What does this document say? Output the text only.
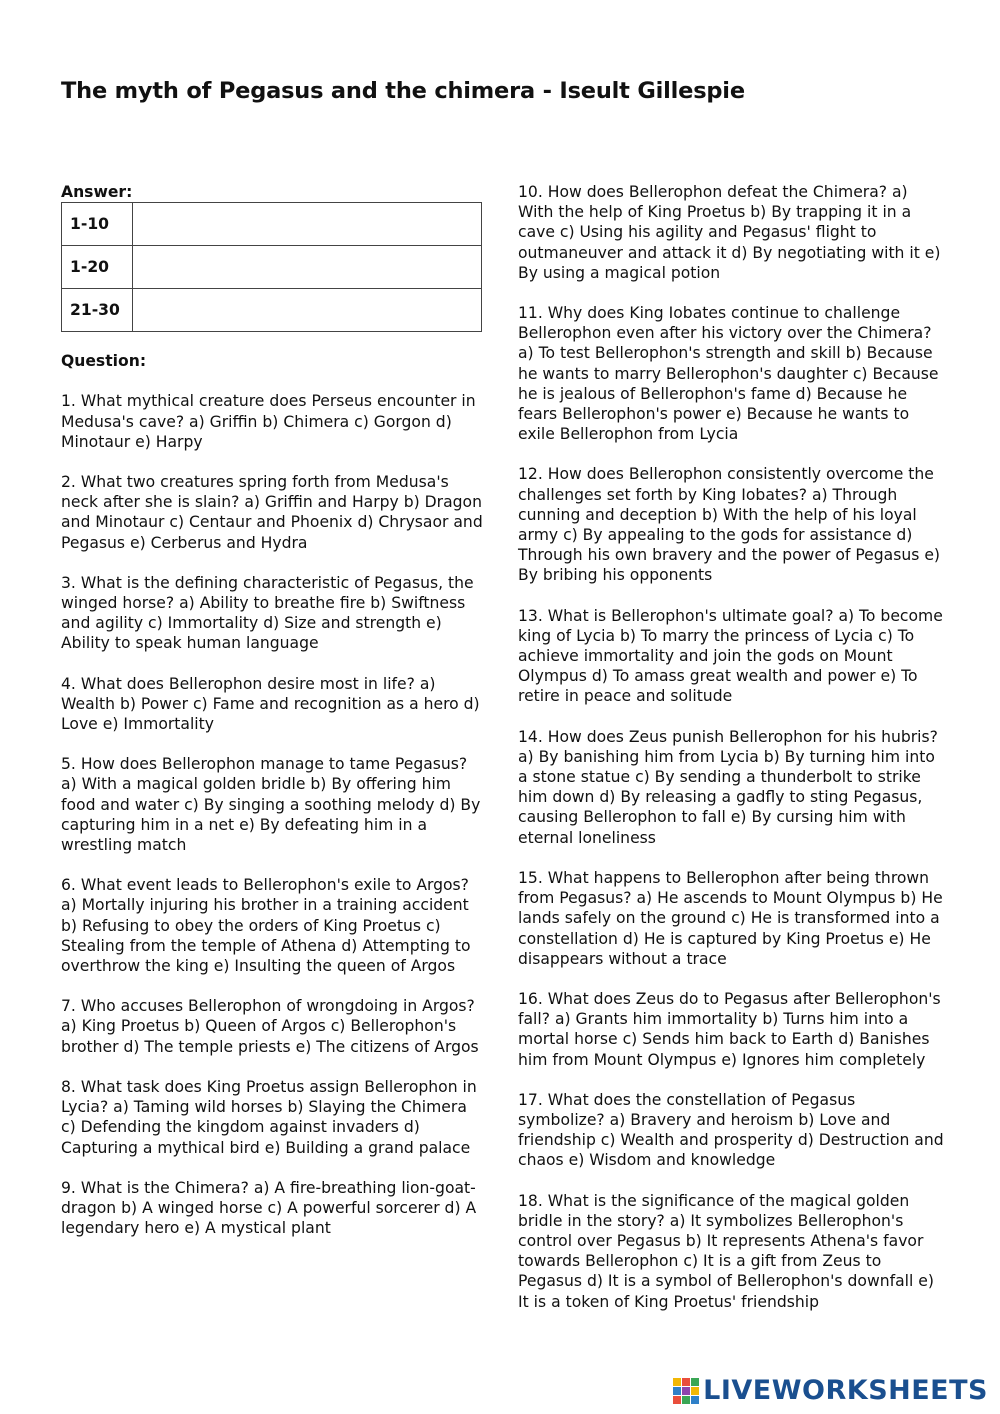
The myth of Pegasus and the chimera - Iseult Gillespie
Answer:
1-10	
1-20	
21-30	
Question:

1. What mythical creature does Perseus encounter in Medusa's cave? a) Griffin b) Chimera c) Gorgon d) Minotaur e) Harpy

2. What two creatures spring forth from Medusa's neck after she is slain? a) Griffin and Harpy b) Dragon and Minotaur c) Centaur and Phoenix d) Chrysaor and Pegasus e) Cerberus and Hydra

3. What is the defining characteristic of Pegasus, the winged horse? a) Ability to breathe fire b) Swiftness and agility c) Immortality d) Size and strength e) Ability to speak human language

4. What does Bellerophon desire most in life? a) Wealth b) Power c) Fame and recognition as a hero d) Love e) Immortality

5. How does Bellerophon manage to tame Pegasus? a) With a magical golden bridle b) By offering him food and water c) By singing a soothing melody d) By capturing him in a net e) By defeating him in a wrestling match

6. What event leads to Bellerophon's exile to Argos? a) Mortally injuring his brother in a training accident b) Refusing to obey the orders of King Proetus c) Stealing from the temple of Athena d) Attempting to overthrow the king e) Insulting the queen of Argos

7. Who accuses Bellerophon of wrongdoing in Argos? a) King Proetus b) Queen of Argos c) Bellerophon's brother d) The temple priests e) The citizens of Argos

8. What task does King Proetus assign Bellerophon in Lycia? a) Taming wild horses b) Slaying the Chimera c) Defending the kingdom against invaders d) Capturing a mythical bird e) Building a grand palace

9. What is the Chimera? a) A fire-breathing lion-goat-dragon b) A winged horse c) A powerful sorcerer d) A legendary hero e) A mystical plant

10. How does Bellerophon defeat the Chimera? a) With the help of King Proetus b) By trapping it in a cave c) Using his agility and Pegasus' flight to outmaneuver and attack it d) By negotiating with it e) By using a magical potion

11. Why does King Iobates continue to challenge Bellerophon even after his victory over the Chimera? a) To test Bellerophon's strength and skill b) Because he wants to marry Bellerophon's daughter c) Because he is jealous of Bellerophon's fame d) Because he fears Bellerophon's power e) Because he wants to exile Bellerophon from Lycia

12. How does Bellerophon consistently overcome the challenges set forth by King Iobates? a) Through cunning and deception b) With the help of his loyal army c) By appealing to the gods for assistance d) Through his own bravery and the power of Pegasus e) By bribing his opponents

13. What is Bellerophon's ultimate goal? a) To become king of Lycia b) To marry the princess of Lycia c) To achieve immortality and join the gods on Mount Olympus d) To amass great wealth and power e) To retire in peace and solitude

14. How does Zeus punish Bellerophon for his hubris? a) By banishing him from Lycia b) By turning him into a stone statue c) By sending a thunderbolt to strike him down d) By releasing a gadfly to sting Pegasus, causing Bellerophon to fall e) By cursing him with eternal loneliness

15. What happens to Bellerophon after being thrown from Pegasus? a) He ascends to Mount Olympus b) He lands safely on the ground c) He is transformed into a constellation d) He is captured by King Proetus e) He disappears without a trace

16. What does Zeus do to Pegasus after Bellerophon's fall? a) Grants him immortality b) Turns him into a mortal horse c) Sends him back to Earth d) Banishes him from Mount Olympus e) Ignores him completely

17. What does the constellation of Pegasus symbolize? a) Bravery and heroism b) Love and friendship c) Wealth and prosperity d) Destruction and chaos e) Wisdom and knowledge

18. What is the significance of the magical golden bridle in the story? a) It symbolizes Bellerophon's control over Pegasus b) It represents Athena's favor towards Bellerophon c) It is a gift from Zeus to Pegasus d) It is a symbol of Bellerophon's downfall e) It is a token of King Proetus' friendship

LIVEWORKSHEETS
